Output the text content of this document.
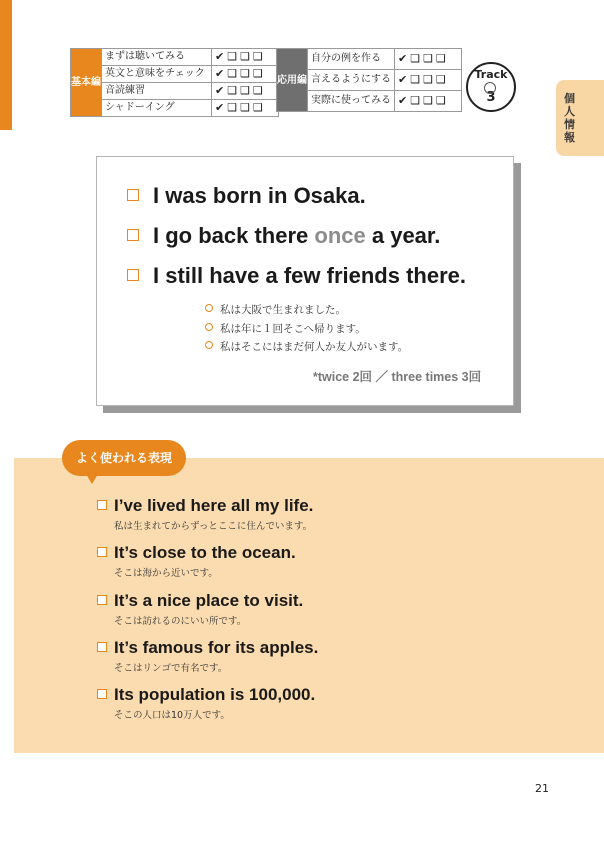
基本編	まずは聴いてみる	✔❑❑❑
	英文と意味をチェック	✔❑❑❑
	音読練習	✔❑❑❑
	シャドーイング	✔❑❑❑
応用編	自分の例を作る	✔❑❑❑
	言えるようにする	✔❑❑❑
	実際に使ってみる	✔❑❑❑
Track
3	個人情報
I was born in Osaka.
I go back there once a year.
I still have a few friends there.
私は大阪で生まれました。
私は年に１回そこへ帰ります。
私はそこにはまだ何人か友人がいます。
*twice 2回 ／ three times 3回
よく使われる表現
I’ve lived here all my life.
私は生まれてからずっとここに住んでいます。
It’s close to the ocean.
そこは海から近いです。
It’s a nice place to visit.
そこは訪れるのにいい所です。
It’s famous for its apples.
そこはリンゴで有名です。
Its population is 100,000.
そこの人口は10万人です。
21
